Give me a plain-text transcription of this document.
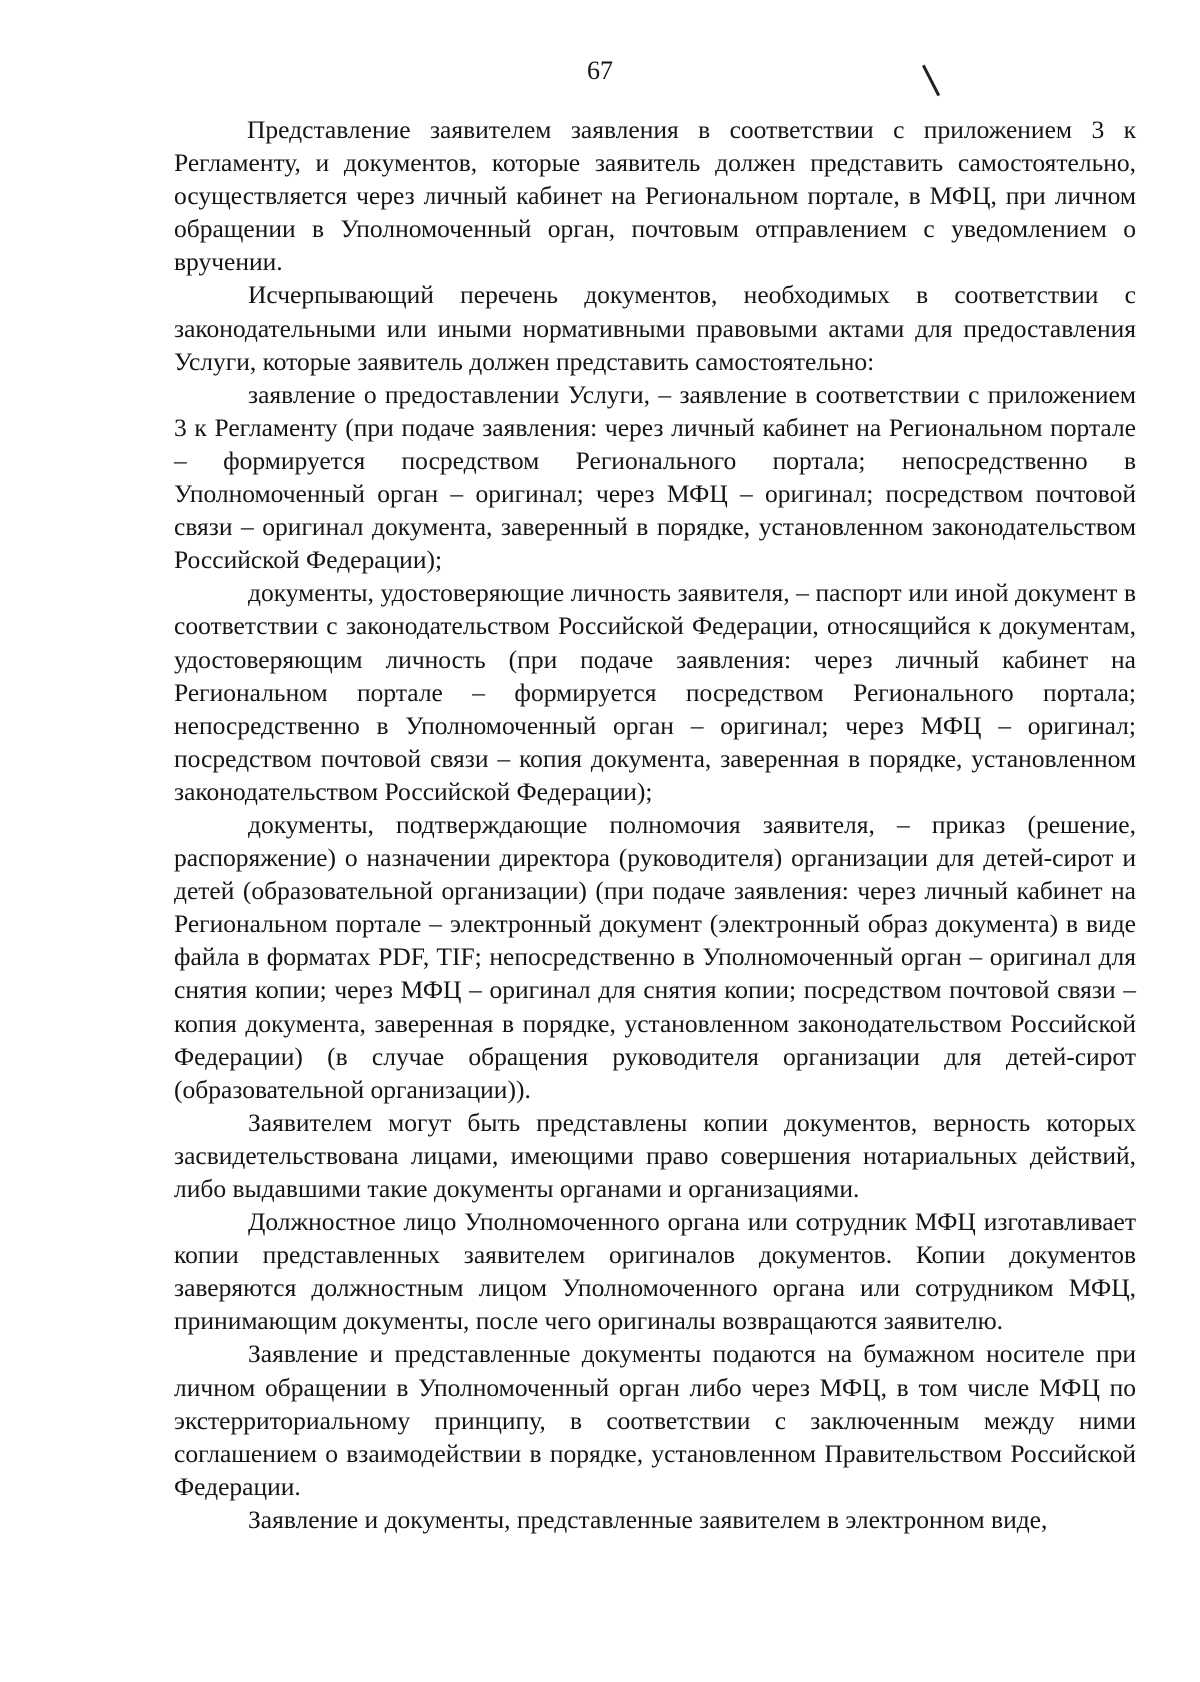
67

Представление заявителем заявления в соответствии с приложением 3 к Регламенту, и документов, которые заявитель должен представить самостоятельно, осуществляется через личный кабинет на Региональном портале, в МФЦ, при личном обращении в Уполномоченный орган, почтовым отправлением с уведомлением о вручении.

Исчерпывающий перечень документов, необходимых в соответствии с законодательными или иными нормативными правовыми актами для предоставления Услуги, которые заявитель должен представить самостоятельно:

заявление о предоставлении Услуги, – заявление в соответствии с приложением 3 к Регламенту (при подаче заявления: через личный кабинет на Региональном портале – формируется посредством Регионального портала; непосредственно в Уполномоченный орган – оригинал; через МФЦ – оригинал; посредством почтовой связи – оригинал документа, заверенный в порядке, установленном законодательством Российской Федерации);

документы, удостоверяющие личность заявителя, – паспорт или иной документ в соответствии с законодательством Российской Федерации, относящийся к документам, удостоверяющим личность (при подаче заявления: через личный кабинет на Региональном портале – формируется посредством Регионального портала; непосредственно в Уполномоченный орган – оригинал; через МФЦ – оригинал; посредством почтовой связи – копия документа, заверенная в порядке, установленном законодательством Российской Федерации);

документы, подтверждающие полномочия заявителя, – приказ (решение, распоряжение) о назначении директора (руководителя) организации для детей-сирот и детей (образовательной организации) (при подаче заявления: через личный кабинет на Региональном портале – электронный документ (электронный образ документа) в виде файла в форматах PDF, TIF; непосредственно в Уполномоченный орган – оригинал для снятия копии; через МФЦ – оригинал для снятия копии; посредством почтовой связи – копия документа, заверенная в порядке, установленном законодательством Российской Федерации) (в случае обращения руководителя организации для детей-сирот (образовательной организации)).

Заявителем могут быть представлены копии документов, верность которых засвидетельствована лицами, имеющими право совершения нотариальных действий, либо выдавшими такие документы органами и организациями.

Должностное лицо Уполномоченного органа или сотрудник МФЦ изготавливает копии представленных заявителем оригиналов документов. Копии документов заверяются должностным лицом Уполномоченного органа или сотрудником МФЦ, принимающим документы, после чего оригиналы возвращаются заявителю.

Заявление и представленные документы подаются на бумажном носителе при личном обращении в Уполномоченный орган либо через МФЦ, в том числе МФЦ по экстерриториальному принципу, в соответствии с заключенным между ними соглашением о взаимодействии в порядке, установленном Правительством Российской Федерации.

Заявление и документы, представленные заявителем в электронном виде,
